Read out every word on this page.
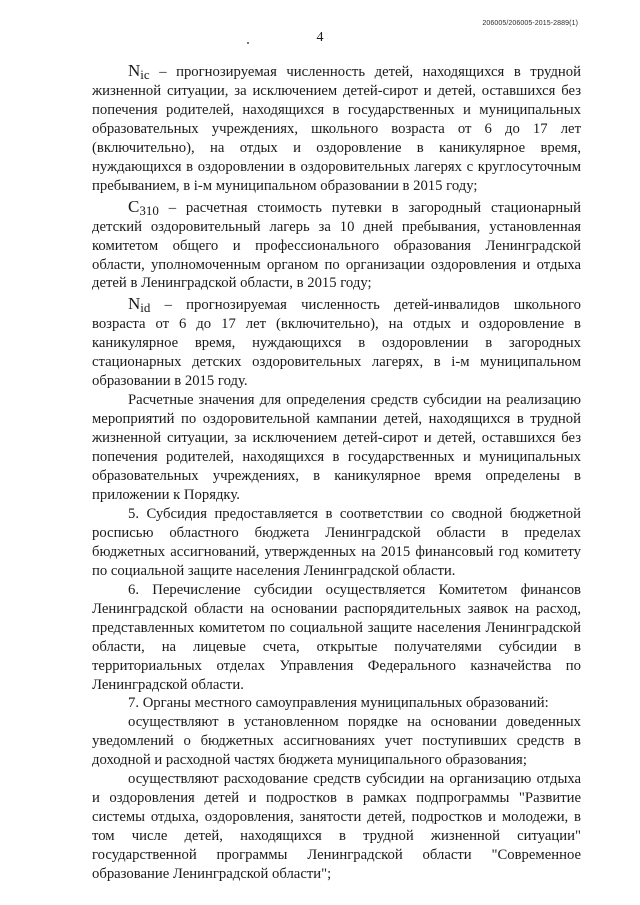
206005/206005-2015-2889(1)
4

Nic – прогнозируемая численность детей, находящихся в трудной жизненной ситуации, за исключением детей-сирот и детей, оставшихся без попечения родителей, находящихся в государственных и муниципальных образовательных учреждениях, школьного возраста от 6 до 17 лет (включительно), на отдых и оздоровление в каникулярное время, нуждающихся в оздоровлении в оздоровительных лагерях с круглосуточным пребыванием, в i-м муниципальном образовании в 2015 году;

C310 – расчетная стоимость путевки в загородный стационарный детский оздоровительный лагерь за 10 дней пребывания, установленная комитетом общего и профессионального образования Ленинградской области, уполномоченным органом по организации оздоровления и отдыха детей в Ленинградской области, в 2015 году;

Nid – прогнозируемая численность детей-инвалидов школьного возраста от 6 до 17 лет (включительно), на отдых и оздоровление в каникулярное время, нуждающихся в оздоровлении в загородных стационарных детских оздоровительных лагерях, в i-м муниципальном образовании в 2015 году.

Расчетные значения для определения средств субсидии на реализацию мероприятий по оздоровительной кампании детей, находящихся в трудной жизненной ситуации, за исключением детей-сирот и детей, оставшихся без попечения родителей, находящихся в государственных и муниципальных образовательных учреждениях, в каникулярное время определены в приложении к Порядку.

5. Субсидия предоставляется в соответствии со сводной бюджетной росписью областного бюджета Ленинградской области в пределах бюджетных ассигнований, утвержденных на 2015 финансовый год комитету по социальной защите населения Ленинградской области.

6. Перечисление субсидии осуществляется Комитетом финансов Ленинградской области на основании распорядительных заявок на расход, представленных комитетом по социальной защите населения Ленинградской области, на лицевые счета, открытые получателями субсидии в территориальных отделах Управления Федерального казначейства по Ленинградской области.

7. Органы местного самоуправления муниципальных образований:

осуществляют в установленном порядке на основании доведенных уведомлений о бюджетных ассигнованиях учет поступивших средств в доходной и расходной частях бюджета муниципального образования;

осуществляют расходование средств субсидии на организацию отдыха и оздоровления детей и подростков в рамках подпрограммы "Развитие системы отдыха, оздоровления, занятости детей, подростков и молодежи, в том числе детей, находящихся в трудной жизненной ситуации" государственной программы Ленинградской области "Современное образование Ленинградской области";
